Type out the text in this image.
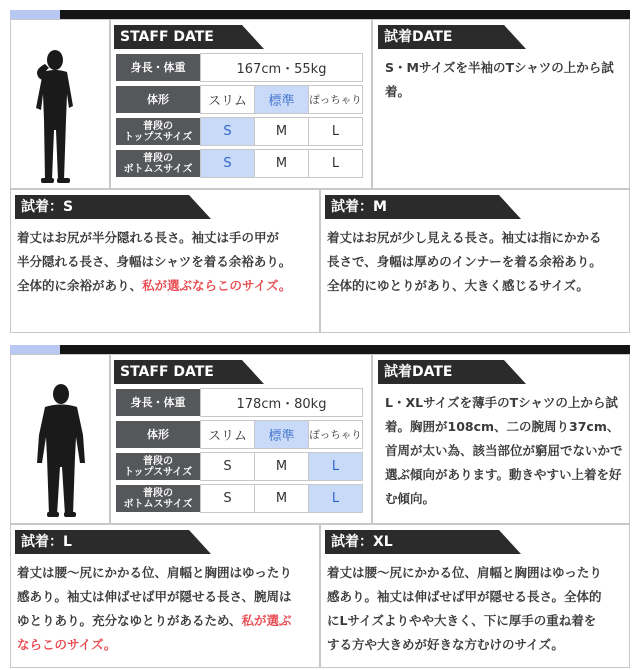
STAFF DATE
身長・体重	167cm・55kg
体形	スリム	標準	ぽっちゃり
普段の
トップスサイズ	S	M	L
普段の
ボトムスサイズ	S	M	L
試着DATE
S・Mサイズを半袖のTシャツの上から試着。
試着：S
着丈はお尻が半分隠れる長さ。袖丈は手の甲が
半分隠れる長さ、身幅はシャツを着る余裕あり。
全体的に余裕があり、私が選ぶならこのサイズ。
試着：M
着丈はお尻が少し見える長さ。袖丈は指にかかる
長さで、身幅は厚めのインナーを着る余裕あり。
全体的にゆとりがあり、大きく感じるサイズ。
STAFF DATE
身長・体重	178cm・80kg
体形	スリム	標準	ぽっちゃり
普段の
トップスサイズ	S	M	L
普段の
ボトムスサイズ	S	M	L
試着DATE
L・XLサイズを薄手のTシャツの上から試着。胸囲が108cm、二の腕周り37cm、首周が太い為、該当部位が窮屈でないかで選ぶ傾向があります。動きやすい上着を好む傾向。
試着：L
着丈は腰～尻にかかる位、肩幅と胸囲はゆったり
感あり。袖丈は伸ばせば甲が隠せる長さ、腕周は
ゆとりあり。充分なゆとりがあるため、私が選ぶ
ならこのサイズ。
試着：XL
着丈は腰～尻にかかる位、肩幅と胸囲はゆったり
感あり。袖丈は伸ばせば甲が隠せる長さ。全体的
にLサイズよりやや大きく、下に厚手の重ね着を
する方や大きめが好きな方むけのサイズ。
